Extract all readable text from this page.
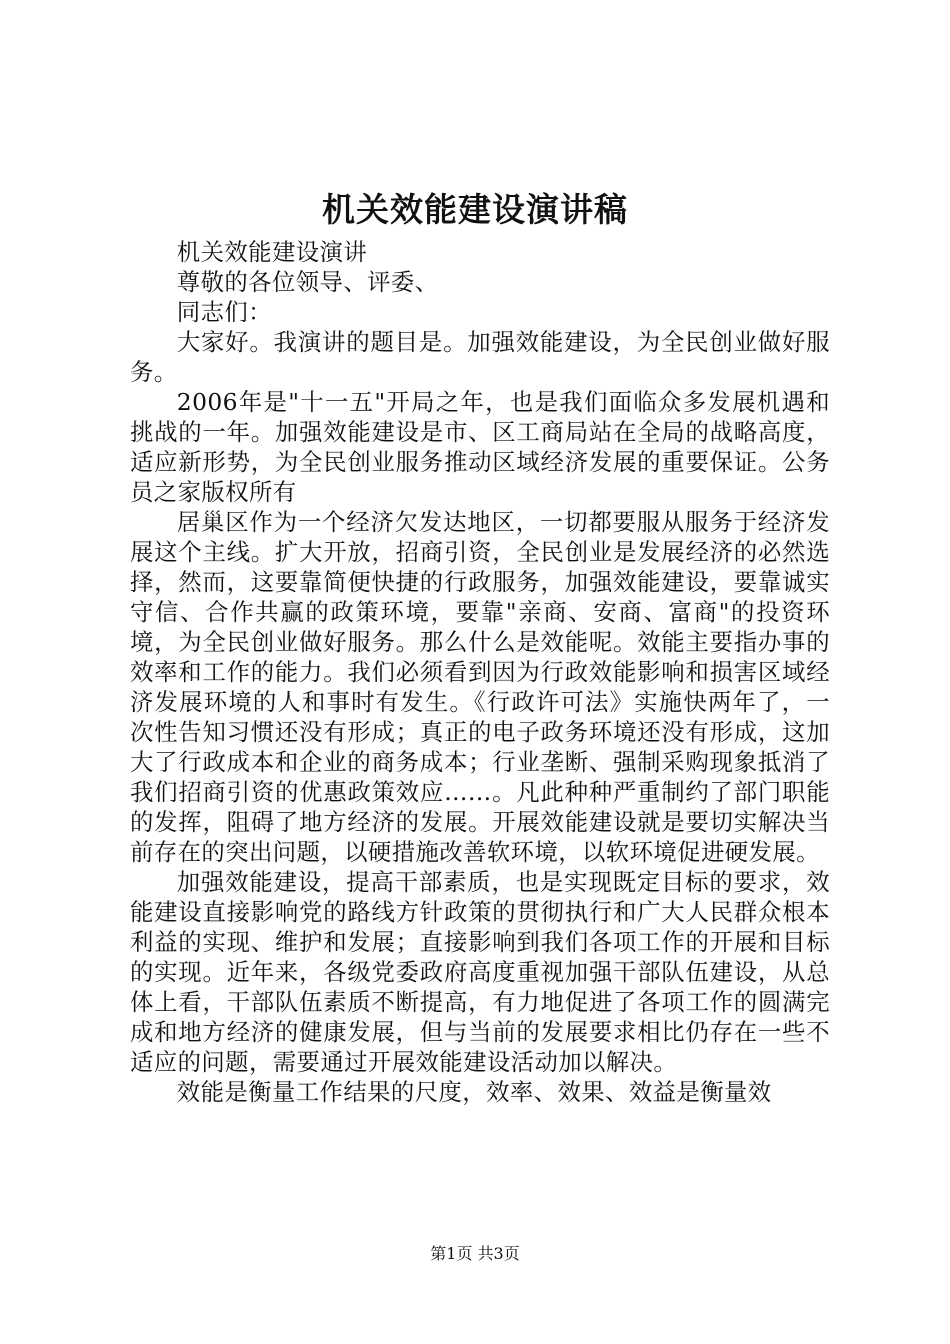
机关效能建设演讲稿

机关效能建设演讲

尊敬的各位领导、评委、

同志们：

大家好。我演讲的题目是。加强效能建设，为全民创业做好服务。

2006年是"十一五"开局之年，也是我们面临众多发展机遇和挑战的一年。加强效能建设是市、区工商局站在全局的战略高度，适应新形势，为全民创业服务推动区域经济发展的重要保证。公务员之家版权所有

居巢区作为一个经济欠发达地区，一切都要服从服务于经济发展这个主线。扩大开放，招商引资，全民创业是发展经济的必然选择，然而，这要靠简便快捷的行政服务，加强效能建设，要靠诚实守信、合作共赢的政策环境，要靠"亲商、安商、富商"的投资环境，为全民创业做好服务。那么什么是效能呢。效能主要指办事的效率和工作的能力。我们必须看到因为行政效能影响和损害区域经济发展环境的人和事时有发生。《行政许可法》实施快两年了，一次性告知习惯还没有形成；真正的电子政务环境还没有形成，这加大了行政成本和企业的商务成本；行业垄断、强制采购现象抵消了我们招商引资的优惠政策效应……。凡此种种严重制约了部门职能的发挥，阻碍了地方经济的发展。开展效能建设就是要切实解决当前存在的突出问题，以硬措施改善软环境，以软环境促进硬发展。

加强效能建设，提高干部素质，也是实现既定目标的要求，效能建设直接影响党的路线方针政策的贯彻执行和广大人民群众根本利益的实现、维护和发展；直接影响到我们各项工作的开展和目标的实现。近年来，各级党委政府高度重视加强干部队伍建设，从总体上看，干部队伍素质不断提高，有力地促进了各项工作的圆满完成和地方经济的健康发展，但与当前的发展要求相比仍存在一些不适应的问题，需要通过开展效能建设活动加以解决。

效能是衡量工作结果的尺度，效率、效果、效益是衡量效

第1页 共3页
